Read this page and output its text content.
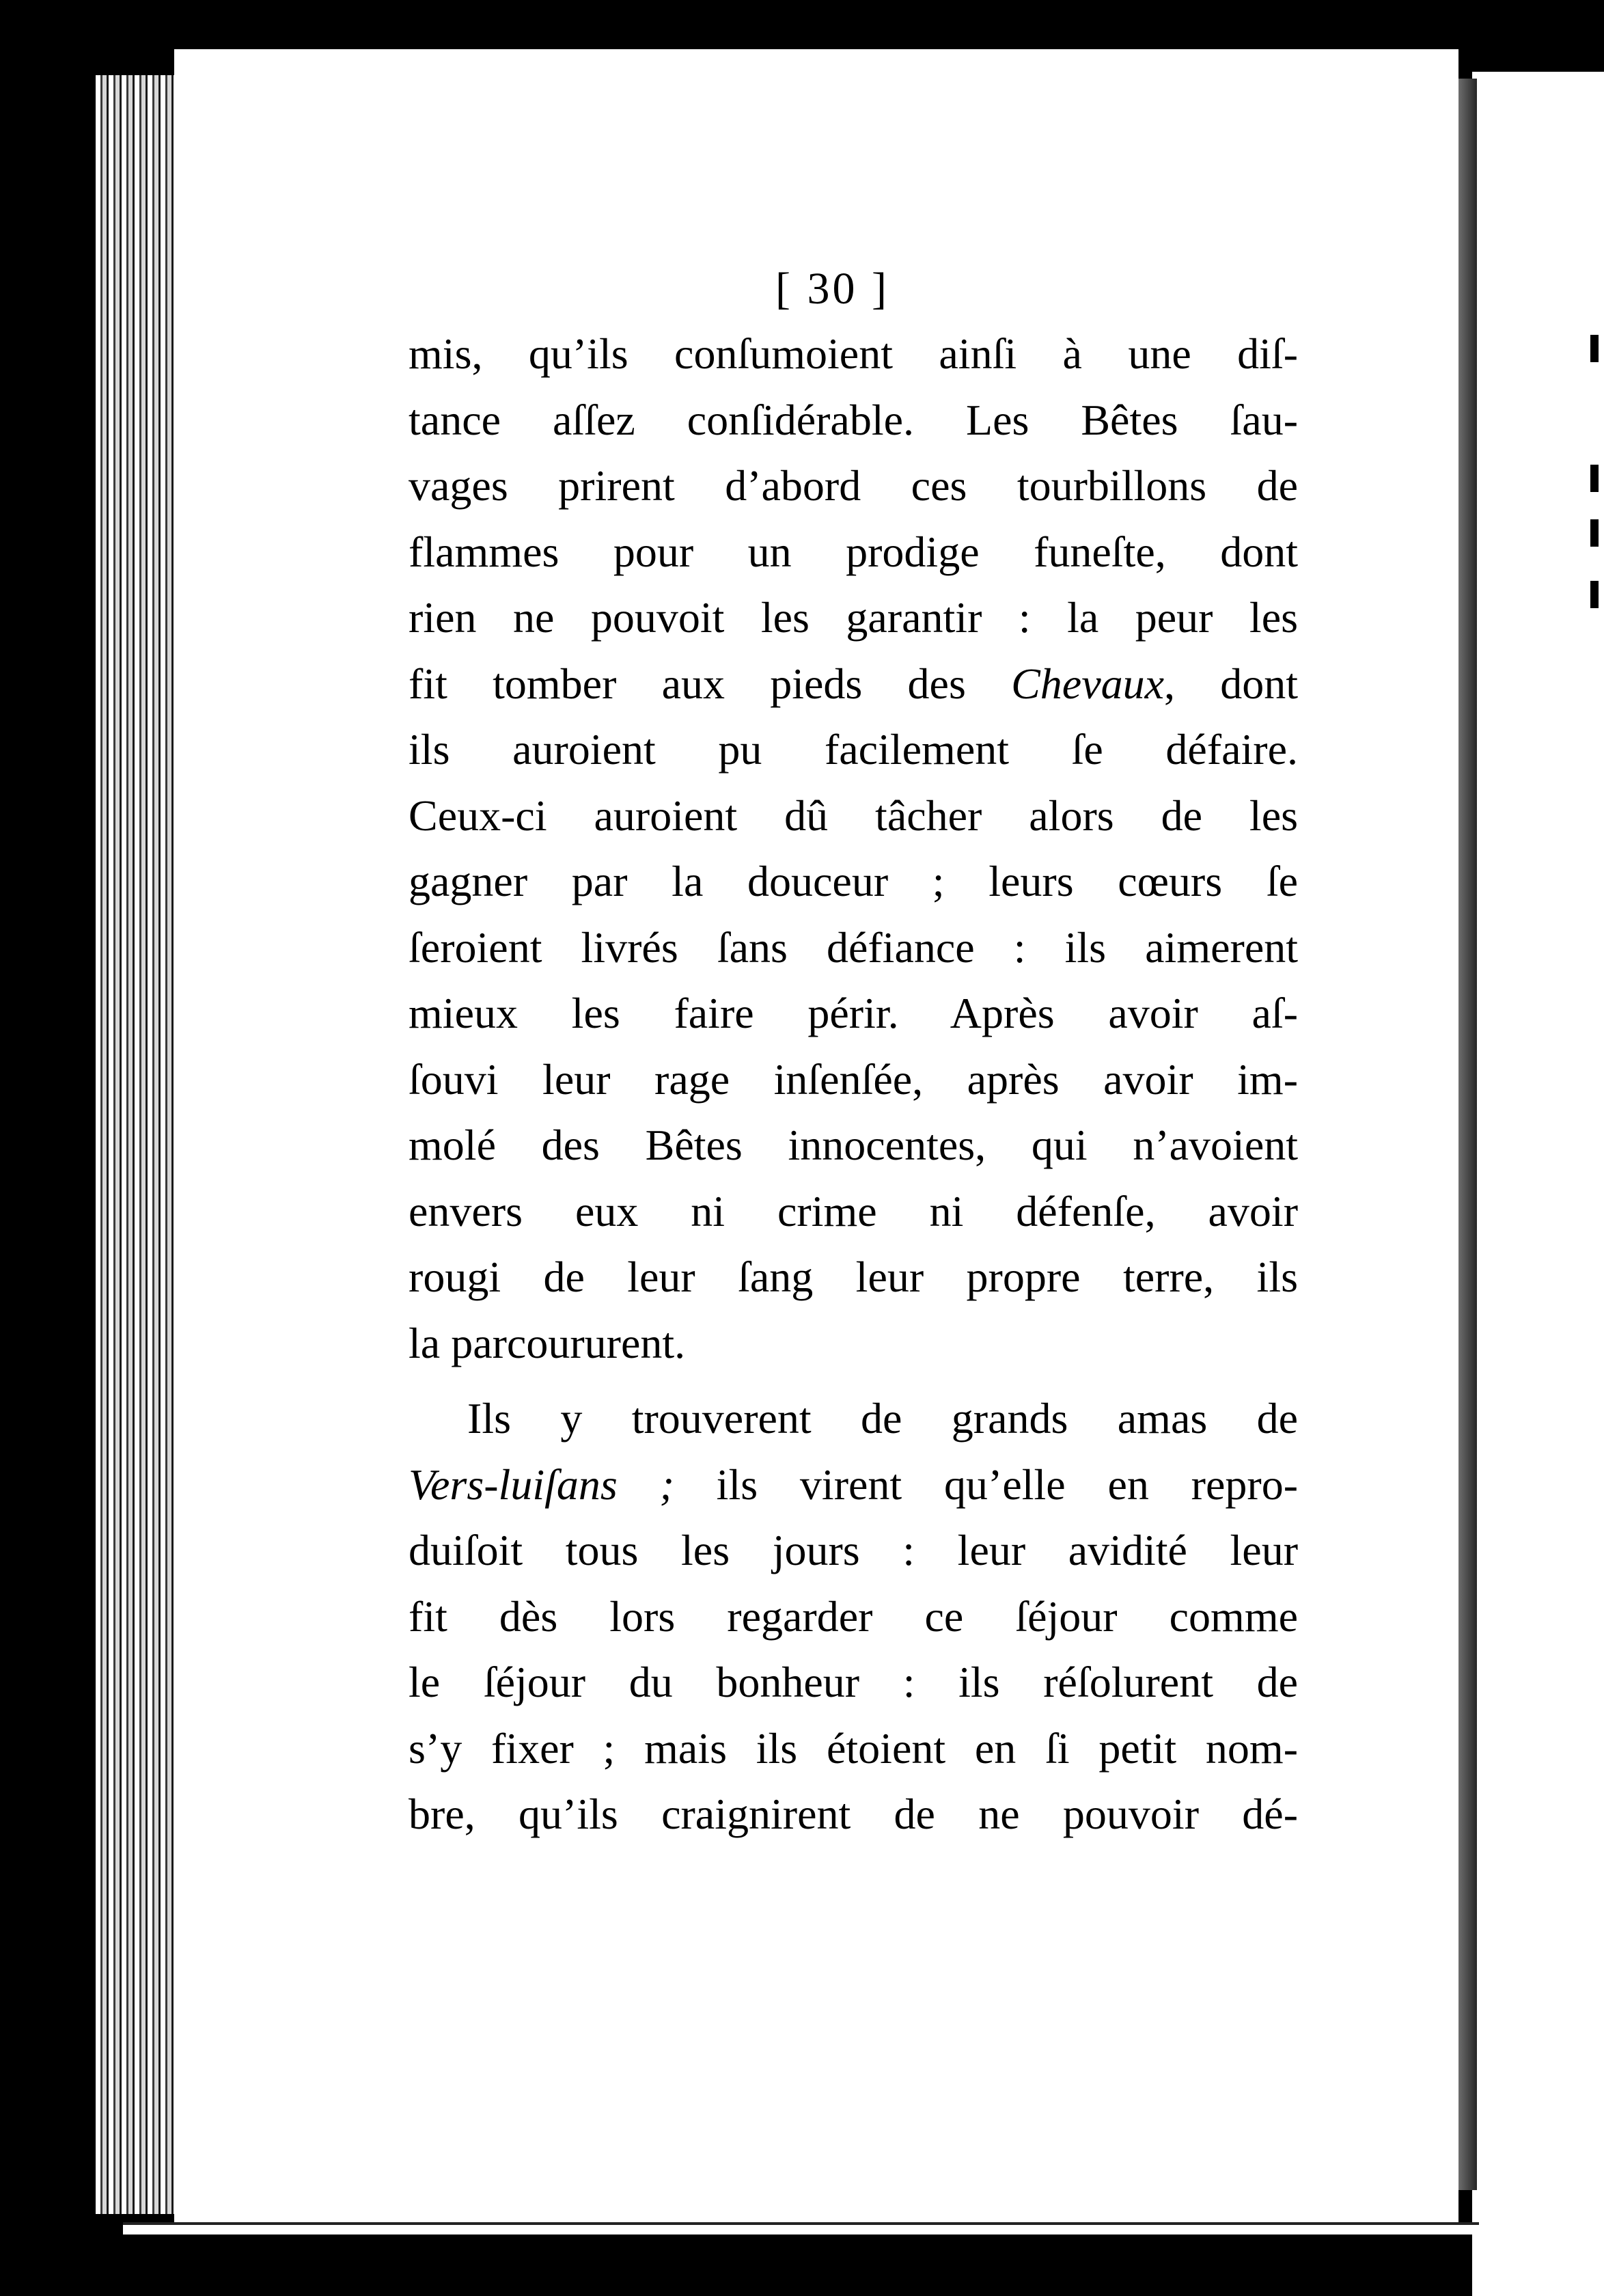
[ 30 ]
mis, qu’ils conſumoient ainſi à une diſ-
tance aſſez conſidérable. Les Bêtes ſau-
vages prirent d’abord ces tourbillons de
flammes pour un prodige funeſte, dont
rien ne pouvoit les garantir : la peur les
fit tomber aux pieds des Chevaux, dont
ils auroient pu facilement ſe défaire.
Ceux-ci auroient dû tâcher alors de les
gagner par la douceur ; leurs cœurs ſe
ſeroient livrés ſans défiance : ils aimerent
mieux les faire périr. Après avoir aſ-
ſouvi leur rage inſenſée, après avoir im-
molé des Bêtes innocentes, qui n’avoient
envers eux ni crime ni défenſe, avoir
rougi de leur ſang leur propre terre, ils
la parcoururent.
Ils y trouverent de grands amas de
Vers-luiſans ; ils virent qu’elle en repro-
duiſoit tous les jours : leur avidité leur
fit dès lors regarder ce ſéjour comme
le ſéjour du bonheur : ils réſolurent de
s’y fixer ; mais ils étoient en ſi petit nom-
bre, qu’ils craignirent de ne pouvoir dé-
